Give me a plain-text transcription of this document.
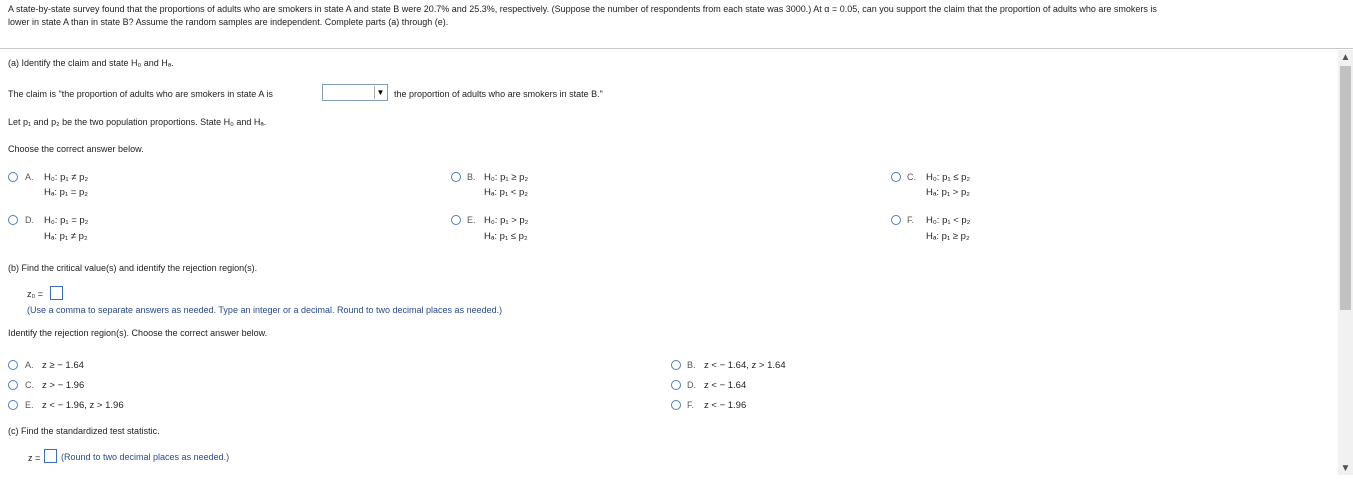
A state-by-state survey found that the proportions of adults who are smokers in state A and state B were 20.7% and 25.3%, respectively. (Suppose the number of respondents from each state was 3000.) At α = 0.05, can you support the claim that the proportion of adults who are smokers is
lower in state A than in state B? Assume the random samples are independent. Complete parts (a) through (e).
(a) Identify the claim and state H₀ and Hₐ.
The claim is "the proportion of adults who are smokers in state A is	▼ the proportion of adults who are smokers in state B."
Let p₁ and p₂ be the two population proportions. State H₀ and Hₐ.
Choose the correct answer below.
A. H₀: p₁ ≠ p₂
Hₐ: p₁ = p₂
B. H₀: p₁ ≥ p₂
Hₐ: p₁ < p₂
C. H₀: p₁ ≤ p₂
Hₐ: p₁ > p₂
D. H₀: p₁ = p₂
Hₐ: p₁ ≠ p₂
E. H₀: p₁ > p₂
Hₐ: p₁ ≤ p₂
F. H₀: p₁ < p₂
Hₐ: p₁ ≥ p₂
(b) Find the critical value(s) and identify the rejection region(s).
z₀ =
(Use a comma to separate answers as needed. Type an integer or a decimal. Round to two decimal places as needed.)
Identify the rejection region(s). Choose the correct answer below.
A. z ≥ − 1.64	B. z < − 1.64, z > 1.64
C. z > − 1.96	D. z < − 1.64
E. z < − 1.96, z > 1.96	F. z < − 1.96
(c) Find the standardized test statistic.
z = (Round to two decimal places as needed.)
▲
▼
